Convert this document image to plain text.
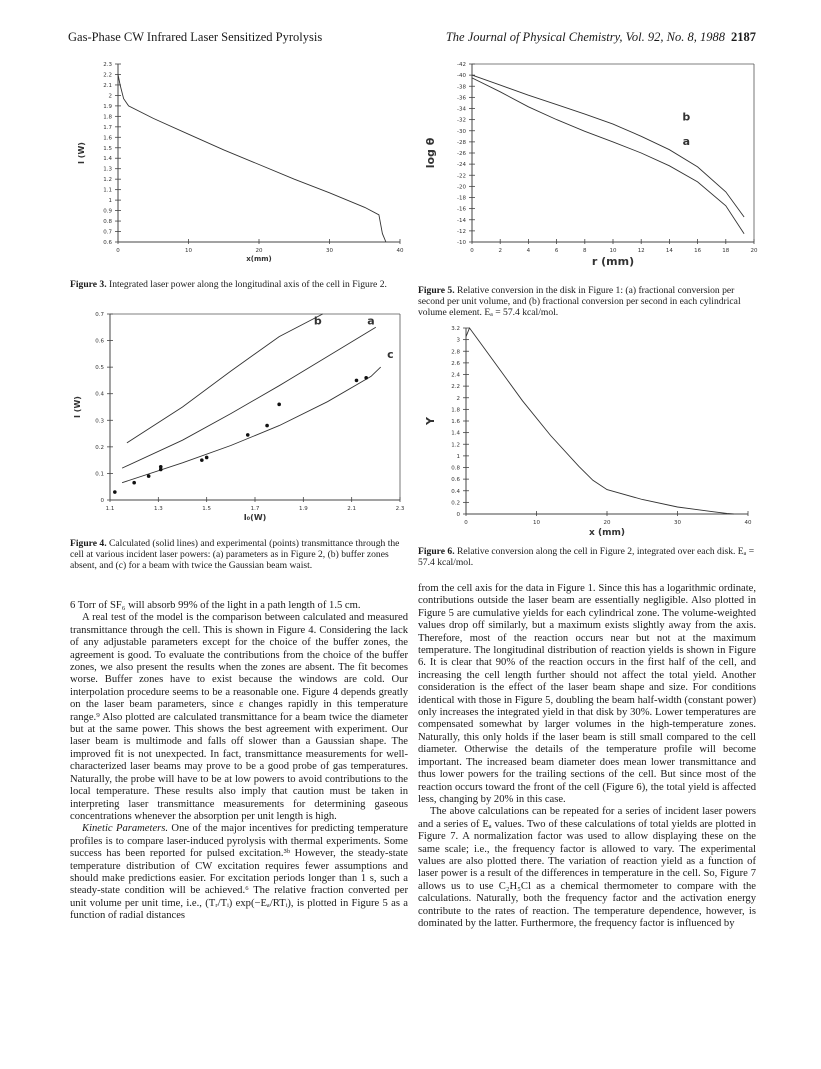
Gas-Phase CW Infrared Laser Sensitized Pyrolysis	The Journal of Physical Chemistry, Vol. 92, No. 8, 1988 2187
0.6
0.7
0.8
0.9
1
1.1
1.2
1.3
1.4
1.5
1.6
1.7
1.8
1.9
2
2.1
2.2
2.3
0	10	20	30	40
x(mm)
I (W)
Figure 3. Integrated laser power along the longitudinal axis of the cell in Figure 2.
0
0.1
0.2
0.3
0.4
0.5
0.6
0.7
1.1	1.3	1.5	1.7	1.9	2.1	2.3
I₀(W)
I (W)
b	a
c
Figure 4. Calculated (solid lines) and experimental (points) transmittance through the cell at various incident laser powers: (a) parameters as in Figure 2, (b) buffer zones absent, and (c) for a beam with twice the Gaussian beam waist.
-10
-12
-14
-16
-18
-20
-22
-24
-26
-28
-30
-32
-34
-36
-38
-40
-42
0	2	4	6	8	10	12	14	16	18	20
r (mm)
log θ
b
a
Figure 5. Relative conversion in the disk in Figure 1: (a) fractional conversion per second per unit volume, and (b) fractional conversion per second in each cylindrical volume element. Eₐ = 57.4 kcal/mol.
0
0.2
0.4
0.6
0.8
1
1.2
1.4
1.6
1.8
2
2.2
2.4
2.6
2.8
3
3.2
0	10	20	30	40
x (mm)
Y
Figure 6. Relative conversion along the cell in Figure 2, integrated over each disk. Eₐ = 57.4 kcal/mol.

6 Torr of SF₆ will absorb 99% of the light in a path length of 1.5 cm.

A real test of the model is the comparison between calculated and measured transmittance through the cell. This is shown in Figure 4. Considering the lack of any adjustable parameters except for the choice of the buffer zones, the agreement is good. To evaluate the contributions from the choice of the buffer zones, we also present the results when the zones are absent. The fit becomes worse. Buffer zones have to exist because the windows are cold. Our interpolation procedure seems to be a reasonable one. Figure 4 depends greatly on the laser beam parameters, since ε changes rapidly in this temperature range.⁹ Also plotted are calculated transmittance for a beam twice the diameter but at the same power. This shows the best agreement with experiment. Our laser beam is multimode and falls off slower than a Gaussian shape. The improved fit is not unexpected. In fact, transmittance measurements for well-characterized laser beams may prove to be a good probe of gas temperatures. Naturally, the probe will have to be at low powers to avoid contributions to the local temperature. These results also imply that caution must be taken in interpreting laser transmittance measurements for determining gaseous concentrations whenever the absorption per unit length is high.

Kinetic Parameters. One of the major incentives for predicting temperature profiles is to compare laser-induced pyrolysis with thermal experiments. Some success has been reported for pulsed excitation.³ᵇ However, the steady-state temperature distribution of CW excitation requires fewer assumptions and should make predictions easier. For excitation periods longer than 1 s, such a steady-state condition will be achieved.⁶ The relative fraction converted per unit volume per unit time, i.e., (Tᵣ/Tᵢ) exp(−Eₐ/RTᵢ), is plotted in Figure 5 as a function of radial distances

from the cell axis for the data in Figure 1. Since this has a logarithmic ordinate, contributions outside the laser beam are essentially negligible. Also plotted in Figure 5 are cumulative yields for each cylindrical zone. The volume-weighted values drop off similarly, but a maximum exists slightly away from the axis. Therefore, most of the reaction occurs near but not at the maximum temperature. The longitudinal distribution of reaction yields is shown in Figure 6. It is clear that 90% of the reaction occurs in the first half of the cell, and increasing the cell length further should not affect the total yield. Another consideration is the effect of the laser beam shape and size. For conditions identical with those in Figure 5, doubling the beam half-width (constant power) only increases the integrated yield in that disk by 30%. Lower temperatures are compensated somewhat by larger volumes in the high-temperature zones. Naturally, this only holds if the laser beam is still small compared to the cell diameter. Otherwise the details of the temperature profile will become important. The increased beam diameter does mean lower transmittance and thus lower powers for the trailing sections of the cell. But since most of the reaction occurs toward the front of the cell (Figure 6), the total yield is affected less, changing by 20% in this case.

The above calculations can be repeated for a series of incident laser powers and a series of Eₐ values. Two of these calculations of total yields are plotted in Figure 7. A normalization factor was used to allow displaying these on the same scale; i.e., the frequency factor is allowed to vary. The experimental values are also plotted there. The variation of reaction yield as a function of laser power is a result of the differences in temperature in the cell. So, Figure 7 allows us to use C₂H₅Cl as a chemical thermometer to compare with the calculations. Naturally, both the frequency factor and the activation energy contribute to the rates of reaction. The temperature dependence, however, is dominated by the latter. Furthermore, the frequency factor is influenced by
